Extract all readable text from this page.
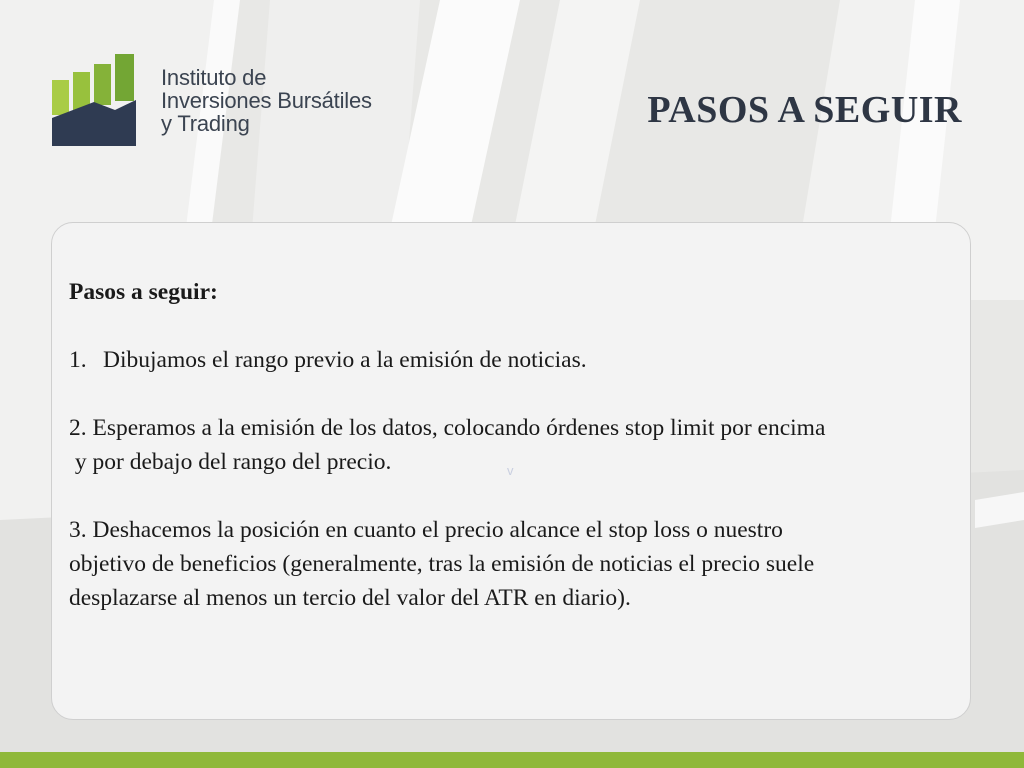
Instituto de
Inversiones Bursátiles
y Trading	PASOS A SEGUIR

Pasos a seguir:

1. Dibujamos el rango previo a la emisión de noticias.

2. Esperamos a la emisión de los datos, colocando órdenes stop limit por encima

y por debajo del rango del precio.

3. Deshacemos la posición en cuanto el precio alcance el stop loss o nuestro

objetivo de beneficios (generalmente, tras la emisión de noticias el precio suele

desplazarse al menos un tercio del valor del ATR en diario).

v
